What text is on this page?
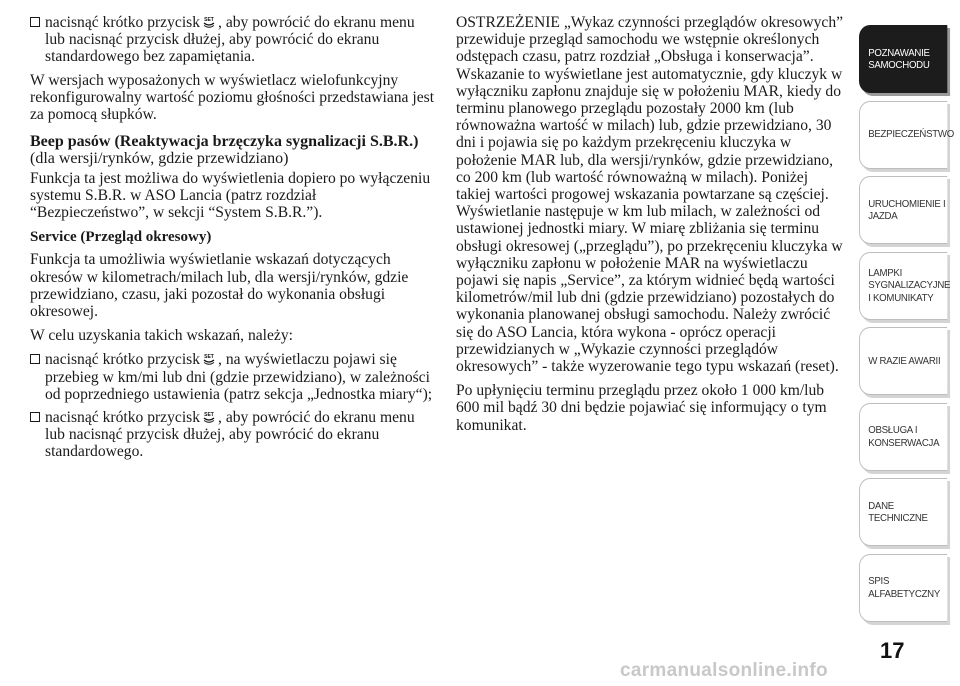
nacisnąć krótko przycisk SET , aby powrócić do ekranu menu lub nacisnąć przycisk dłużej, aby powrócić do ekranu standardowego bez zapamiętania.

W wersjach wyposażonych w wyświetlacz wielofunkcyjny rekonfigurowalny wartość poziomu głośności przedstawiana jest za pomocą słupków.

Beep pasów (Reaktywacja brzęczyka sygnalizacji S.B.R.) (dla wersji/rynków, gdzie przewidziano)

Funkcja ta jest możliwa do wyświetlenia dopiero po wyłączeniu systemu S.B.R. w ASO Lancia (patrz rozdział “Bezpieczeństwo”, w sekcji “System S.B.R.”).

Service (Przegląd okresowy)

Funkcja ta umożliwia wyświetlanie wskazań dotyczących okresów w kilometrach/milach lub, dla wersji/rynków, gdzie przewidziano, czasu, jaki pozostał do wykonania obsługi okresowej.

W celu uzyskania takich wskazań, należy:

nacisnąć krótko przycisk SET , na wyświetlaczu pojawi się przebieg w km/mi lub dni (gdzie przewidziano), w zależności od poprzedniego ustawienia (patrz sekcja „Jednostka miary“);
nacisnąć krótko przycisk SET , aby powrócić do ekranu menu lub nacisnąć przycisk dłużej, aby powrócić do ekranu standardowego.

OSTRZEŻENIE „Wykaz czynności przeglądów okresowych” przewiduje przegląd samochodu we wstępnie określonych odstępach czasu, patrz rozdział „Obsługa i konserwacja”. Wskazanie to wyświetlane jest automatycznie, gdy kluczyk w wyłączniku zapłonu znajduje się w położeniu MAR, kiedy do terminu planowego przeglądu pozostały 2000 km (lub równoważna wartość w milach) lub, gdzie przewidziano, 30 dni i pojawia się po każdym przekręceniu kluczyka w położenie MAR lub, dla wersji/rynków, gdzie przewidziano, co 200 km (lub wartość równoważną w milach). Poniżej takiej wartości progowej wskazania powtarzane są częściej. Wyświetlanie następuje w km lub milach, w zależności od ustawionej jednostki miary. W miarę zbliżania się terminu obsługi okresowej („przeglądu”), po przekręceniu kluczyka w wyłączniku zapłonu w położenie MAR na wyświetlaczu pojawi się napis „Service”, za którym widnieć będą wartości kilometrów/mil lub dni (gdzie przewidziano) pozostałych do wykonania planowanej obsługi samochodu. Należy zwrócić się do ASO Lancia, która wykona - oprócz operacji przewidzianych w „Wykazie czynności przeglądów okresowych” - także wyzerowanie tego typu wskazań (reset).

Po upłynięciu terminu przeglądu przez około 1 000 km/lub 600 mil bądź 30 dni będzie pojawiać się informujący o tym komunikat.

POZNAWANIE SAMOCHODU
BEZPIECZEŃSTWO
URUCHOMIENIE I JAZDA
LAMPKI SYGNALIZACYJNE I KOMUNIKATY
W RAZIE AWARII
OBSŁUGA I KONSERWACJA
DANE TECHNICZNE
SPIS ALFABETYCZNY
17
carmanualsonline.info
